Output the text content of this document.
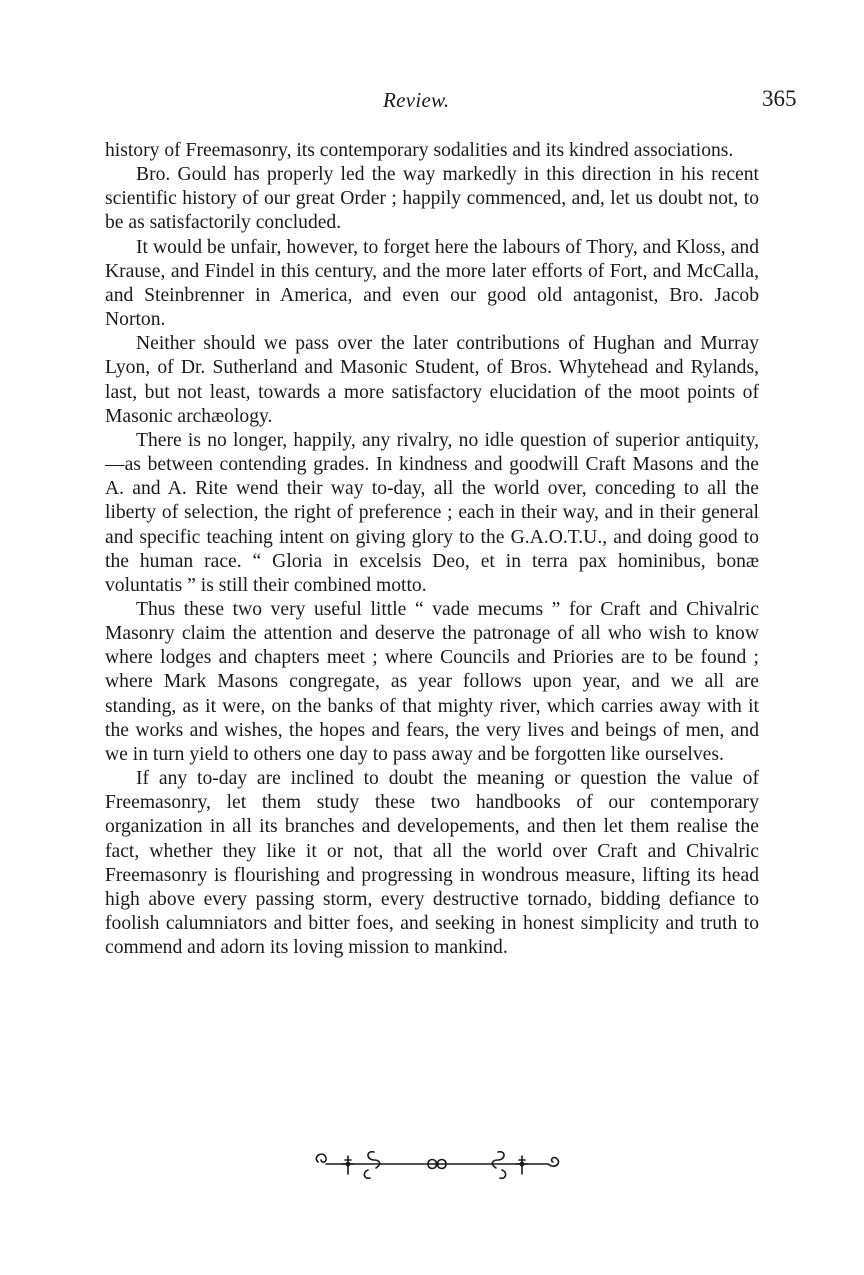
Review.	365

history of Freemasonry, its contemporary sodalities and its kindred associations.

Bro. Gould has properly led the way markedly in this direction in his recent scientific history of our great Order ; happily commenced, and, let us doubt not, to be as satisfactorily concluded.

It would be unfair, however, to forget here the labours of Thory, and Kloss, and Krause, and Findel in this century, and the more later efforts of Fort, and McCalla, and Steinbrenner in America, and even our good old antagonist, Bro. Jacob Norton.

Neither should we pass over the later contributions of Hughan and Murray Lyon, of Dr. Sutherland and Masonic Student, of Bros. Whytehead and Rylands, last, but not least, towards a more satisfactory elucidation of the moot points of Masonic archæology.

There is no longer, happily, any rivalry, no idle question of superior antiquity,—as between contending grades. In kindness and goodwill Craft Masons and the A. and A. Rite wend their way to-day, all the world over, conceding to all the liberty of selection, the right of preference ; each in their way, and in their general and specific teaching intent on giving glory to the G.A.O.T.U., and doing good to the human race. “ Gloria in excelsis Deo, et in terra pax hominibus, bonæ voluntatis ” is still their combined motto.

Thus these two very useful little “ vade mecums ” for Craft and Chivalric Masonry claim the attention and deserve the patronage of all who wish to know where lodges and chapters meet ; where Councils and Priories are to be found ; where Mark Masons congregate, as year follows upon year, and we all are standing, as it were, on the banks of that mighty river, which carries away with it the works and wishes, the hopes and fears, the very lives and beings of men, and we in turn yield to others one day to pass away and be forgotten like ourselves.

If any to-day are inclined to doubt the meaning or question the value of Freemasonry, let them study these two handbooks of our contemporary organization in all its branches and developements, and then let them realise the fact, whether they like it or not, that all the world over Craft and Chivalric Freemasonry is flourishing and progressing in wondrous measure, lifting its head high above every passing storm, every destructive tornado, bidding defiance to foolish calumniators and bitter foes, and seeking in honest simplicity and truth to commend and adorn its loving mission to mankind.
